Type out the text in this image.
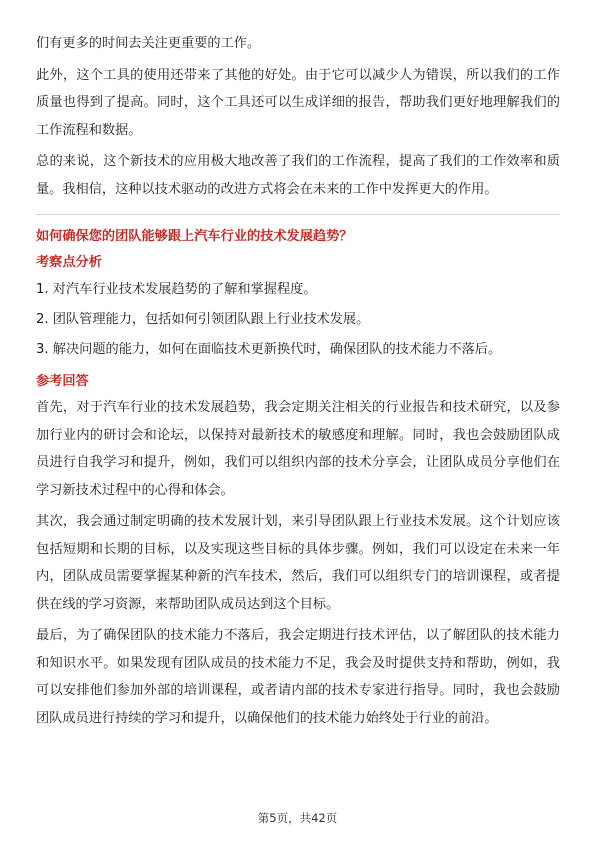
们有更多的时间去关注更重要的工作。

此外，这个工具的使用还带来了其他的好处。由于它可以减少人为错误，所以我们的工作质量也得到了提高。同时，这个工具还可以生成详细的报告，帮助我们更好地理解我们的工作流程和数据。

总的来说，这个新技术的应用极大地改善了我们的工作流程，提高了我们的工作效率和质量。我相信，这种以技术驱动的改进方式将会在未来的工作中发挥更大的作用。

如何确保您的团队能够跟上汽车行业的技术发展趋势？

考察点分析

1. 对汽车行业技术发展趋势的了解和掌握程度。

2. 团队管理能力，包括如何引领团队跟上行业技术发展。

3. 解决问题的能力，如何在面临技术更新换代时，确保团队的技术能力不落后。

参考回答

首先，对于汽车行业的技术发展趋势，我会定期关注相关的行业报告和技术研究，以及参加行业内的研讨会和论坛，以保持对最新技术的敏感度和理解。同时，我也会鼓励团队成员进行自我学习和提升，例如，我们可以组织内部的技术分享会，让团队成员分享他们在学习新技术过程中的心得和体会。

其次，我会通过制定明确的技术发展计划，来引导团队跟上行业技术发展。这个计划应该包括短期和长期的目标，以及实现这些目标的具体步骤。例如，我们可以设定在未来一年内，团队成员需要掌握某种新的汽车技术，然后，我们可以组织专门的培训课程，或者提供在线的学习资源，来帮助团队成员达到这个目标。

最后，为了确保团队的技术能力不落后，我会定期进行技术评估，以了解团队的技术能力和知识水平。如果发现有团队成员的技术能力不足，我会及时提供支持和帮助，例如，我可以安排他们参加外部的培训课程，或者请内部的技术专家进行指导。同时，我也会鼓励团队成员进行持续的学习和提升，以确保他们的技术能力始终处于行业的前沿。

第5页，共42页
